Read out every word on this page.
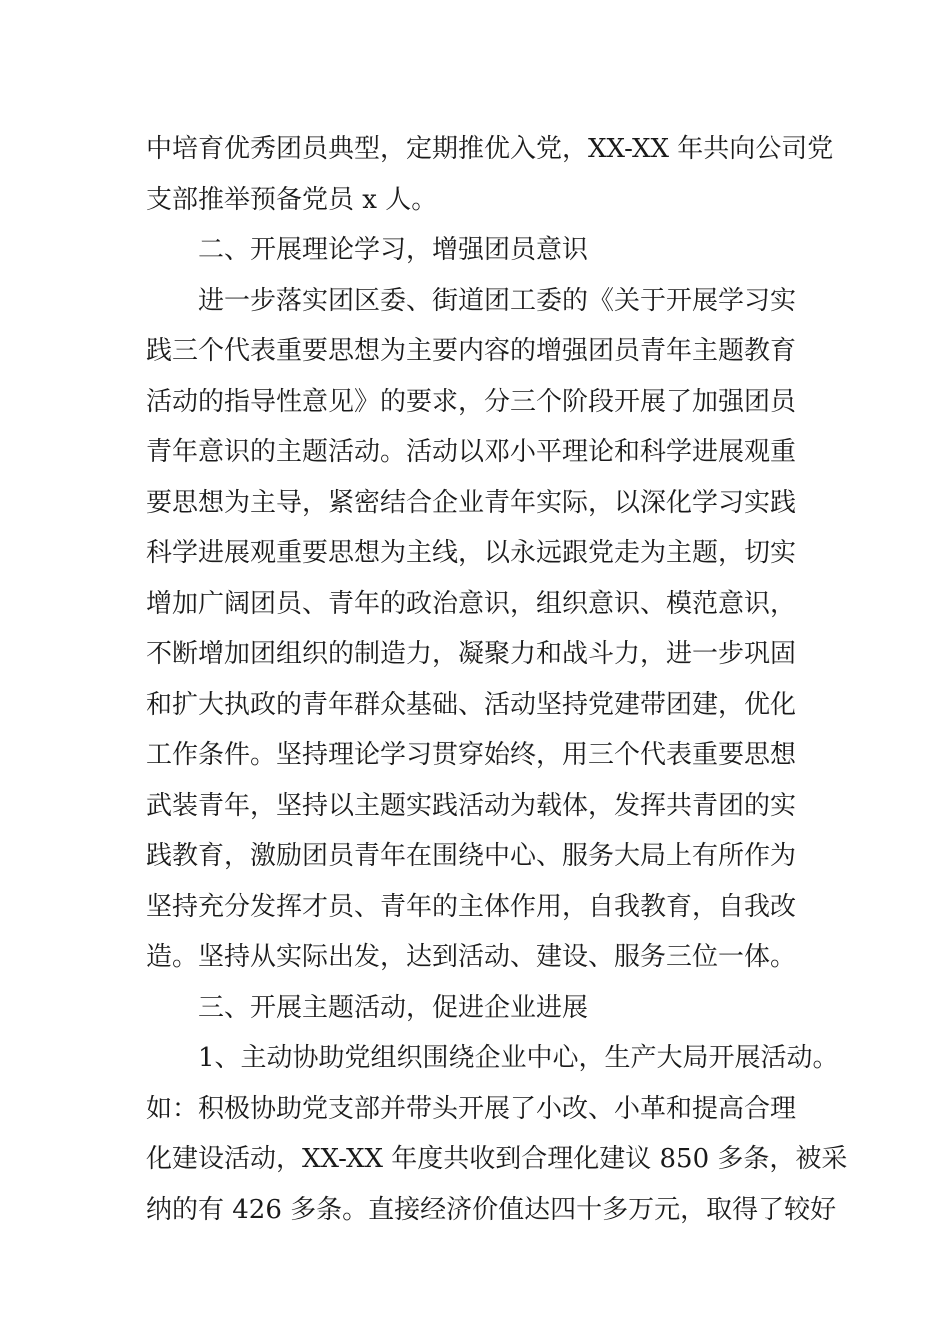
中培育优秀团员典型，定期推优入党，XX-XX 年共向公司党
支部推举预备党员 x 人。
二、开展理论学习，增强团员意识
进一步落实团区委、街道团工委的《关于开展学习实
践三个代表重要思想为主要内容的增强团员青年主题教育
活动的指导性意见》的要求，分三个阶段开展了加强团员
青年意识的主题活动。活动以邓小平理论和科学进展观重
要思想为主导，紧密结合企业青年实际，以深化学习实践
科学进展观重要思想为主线，以永远跟党走为主题，切实
增加广阔团员、青年的政治意识，组织意识、模范意识，
不断增加团组织的制造力，凝聚力和战斗力，进一步巩固
和扩大执政的青年群众基础、活动坚持党建带团建，优化
工作条件。坚持理论学习贯穿始终，用三个代表重要思想
武装青年，坚持以主题实践活动为载体，发挥共青团的实
践教育，激励团员青年在围绕中心、服务大局上有所作为
坚持充分发挥才员、青年的主体作用，自我教育，自我改
造。坚持从实际出发，达到活动、建设、服务三位一体。
三、开展主题活动，促进企业进展
1、主动协助党组织围绕企业中心，生产大局开展活动。
如：积极协助党支部并带头开展了小改、小革和提高合理
化建设活动，XX-XX 年度共收到合理化建议 850 多条，被采
纳的有 426 多条。直接经济价值达四十多万元，取得了较好
